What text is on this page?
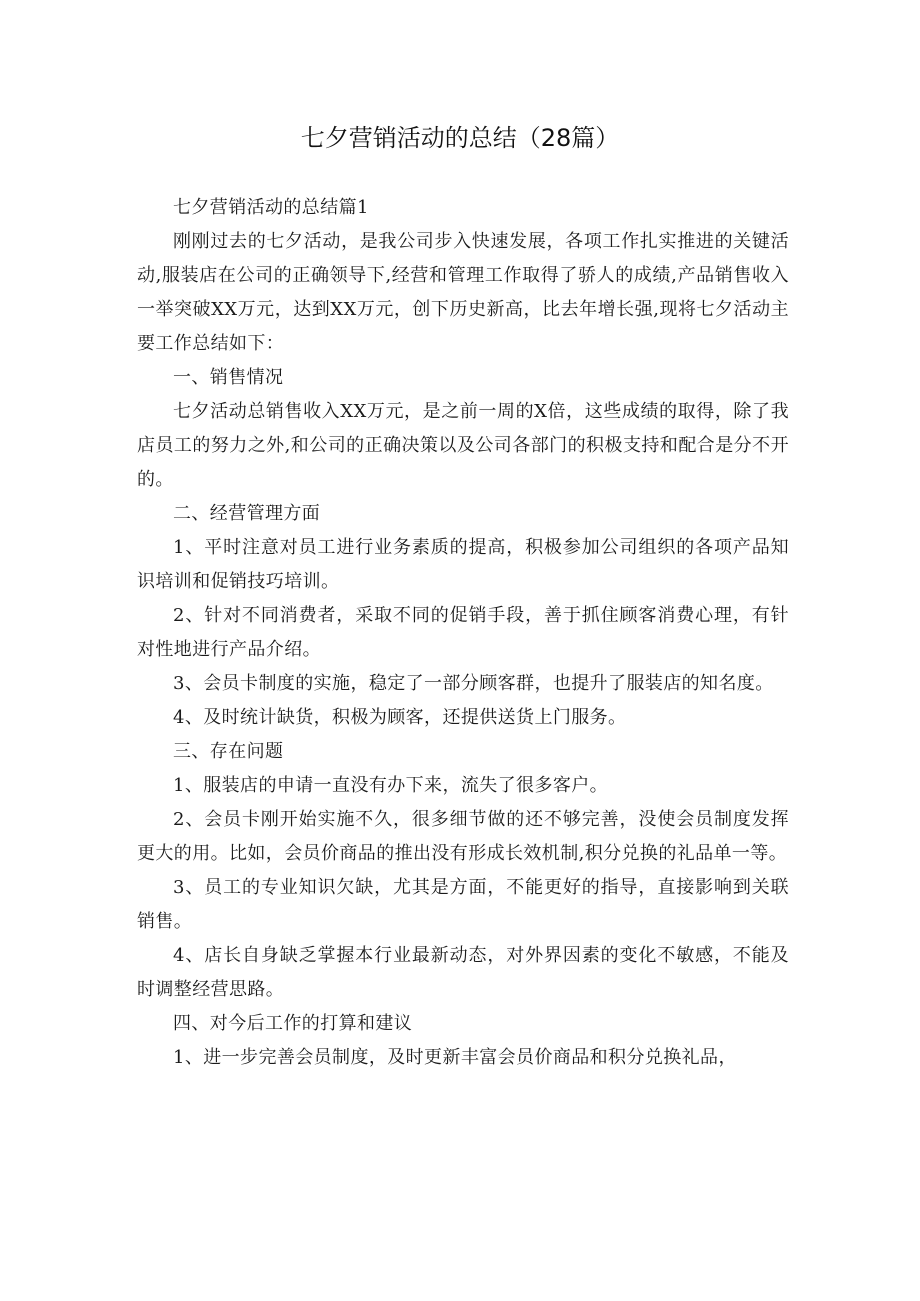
七夕营销活动的总结（28篇）

七夕营销活动的总结篇1

刚刚过去的七夕活动，是我公司步入快速发展，各项工作扎实推进的关键活动,服装店在公司的正确领导下,经营和管理工作取得了骄人的成绩,产品销售收入一举突破XX万元，达到XX万元，创下历史新高，比去年增长强,现将七夕活动主要工作总结如下：

一、销售情况

七夕活动总销售收入XX万元，是之前一周的X倍，这些成绩的取得，除了我店员工的努力之外,和公司的正确决策以及公司各部门的积极支持和配合是分不开的。

二、经营管理方面

1、平时注意对员工进行业务素质的提高，积极参加公司组织的各项产品知识培训和促销技巧培训。

2、针对不同消费者，采取不同的促销手段，善于抓住顾客消费心理，有针对性地进行产品介绍。

3、会员卡制度的实施，稳定了一部分顾客群，也提升了服装店的知名度。

4、及时统计缺货，积极为顾客，还提供送货上门服务。

三、存在问题

1、服装店的申请一直没有办下来，流失了很多客户。

2、会员卡刚开始实施不久，很多细节做的还不够完善，没使会员制度发挥更大的用。比如，会员价商品的推出没有形成长效机制,积分兑换的礼品单一等。

3、员工的专业知识欠缺，尤其是方面，不能更好的指导，直接影响到关联销售。

4、店长自身缺乏掌握本行业最新动态，对外界因素的变化不敏感，不能及时调整经营思路。

四、对今后工作的打算和建议

1、进一步完善会员制度，及时更新丰富会员价商品和积分兑换礼品，
